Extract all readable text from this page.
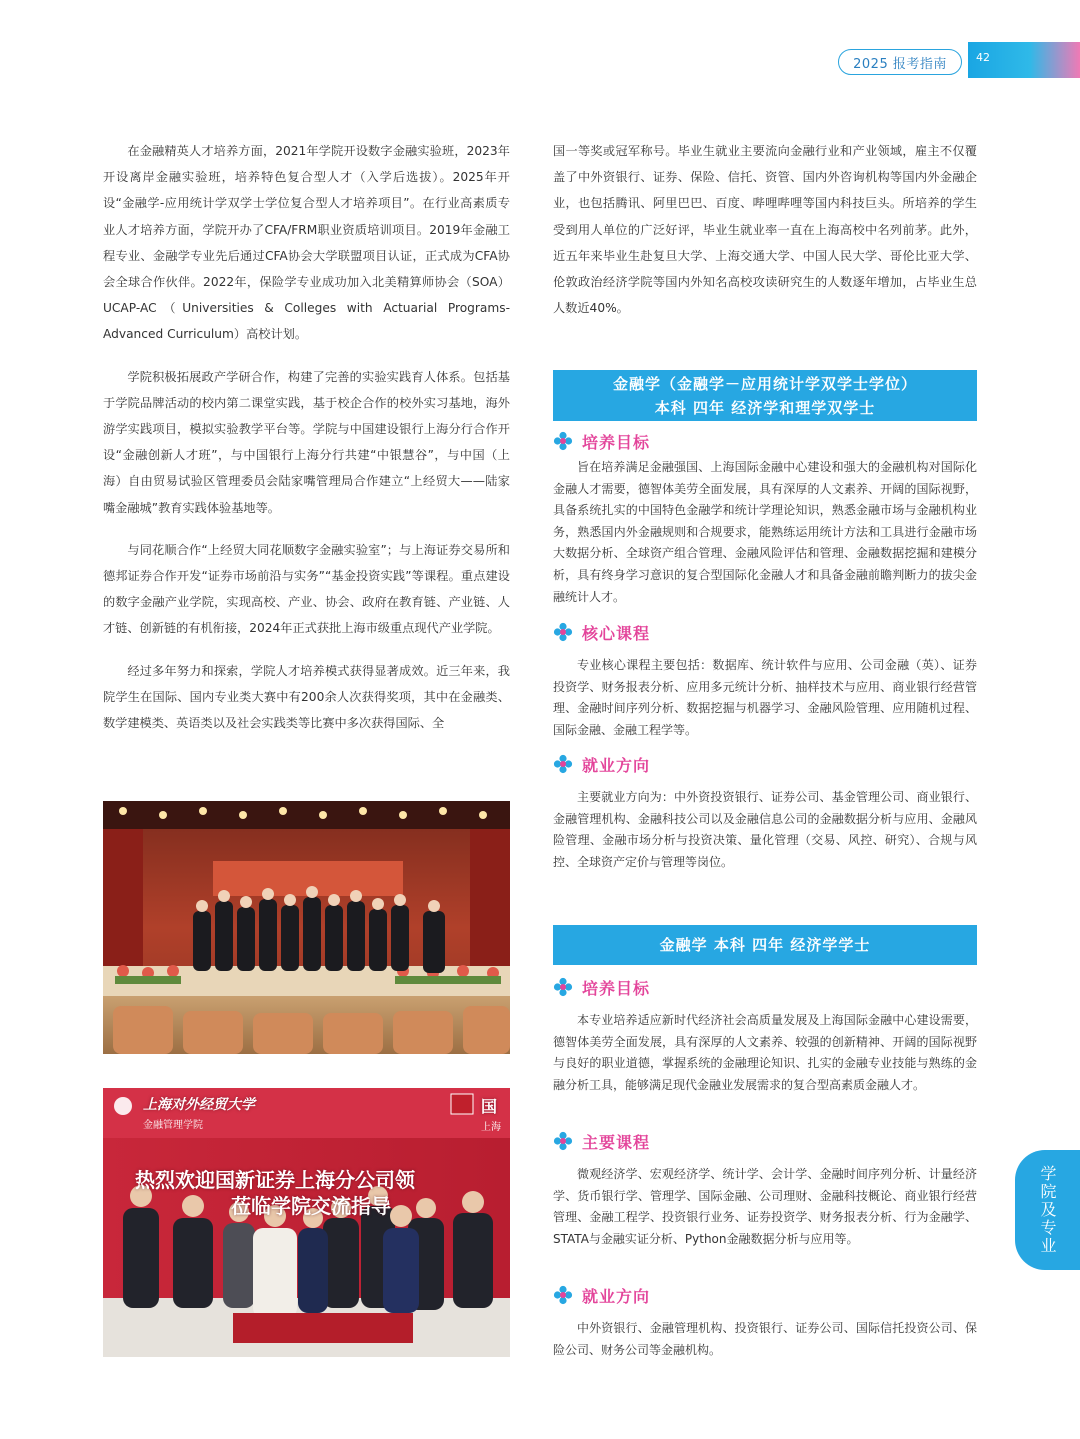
2025 报考指南	42
学院及专业

在金融精英人才培养方面，2021年学院开设数字金融实验班，2023年开设离岸金融实验班，培养特色复合型人才（入学后选拔）。2025年开设“金融学-应用统计学双学士学位复合型人才培养项目”。在行业高素质专业人才培养方面，学院开办了CFA/FRM职业资质培训项目。2019年金融工程专业、金融学专业先后通过CFA协会大学联盟项目认证，正式成为CFA协会全球合作伙伴。2022年，保险学专业成功加入北美精算师协会（SOA）UCAP-AC（Universities & Colleges with Actuarial Programs-Advanced Curriculum）高校计划。

学院积极拓展政产学研合作，构建了完善的实验实践育人体系。包括基于学院品牌活动的校内第二课堂实践，基于校企合作的校外实习基地，海外游学实践项目，模拟实验教学平台等。学院与中国建设银行上海分行合作开设“金融创新人才班”，与中国银行上海分行共建“中银慧谷”，与中国（上海）自由贸易试验区管理委员会陆家嘴管理局合作建立“上经贸大——陆家嘴金融城”教育实践体验基地等。

与同花顺合作“上经贸大同花顺数字金融实验室”；与上海证券交易所和德邦证券合作开发“证券市场前沿与实务”“基金投资实践”等课程。重点建设的数字金融产业学院，实现高校、产业、协会、政府在教育链、产业链、人才链、创新链的有机衔接，2024年正式获批上海市级重点现代产业学院。

经过多年努力和探索，学院人才培养模式获得显著成效。近三年来，我院学生在国际、国内专业类大赛中有200余人次获得奖项，其中在金融类、数学建模类、英语类以及社会实践类等比赛中多次获得国际、全

上海对外经贸大学
金融管理学院
国
上海
热烈欢迎国新证券上海分公司领
莅临学院交流指导

国一等奖或冠军称号。毕业生就业主要流向金融行业和产业领域，雇主不仅覆盖了中外资银行、证券、保险、信托、资管、国内外咨询机构等国内外金融企业，也包括腾讯、阿里巴巴、百度、哔哩哔哩等国内科技巨头。所培养的学生受到用人单位的广泛好评，毕业生就业率一直在上海高校中名列前茅。此外，近五年来毕业生赴复旦大学、上海交通大学、中国人民大学、哥伦比亚大学、伦敦政治经济学院等国内外知名高校攻读研究生的人数逐年增加，占毕业生总人数近40%。

金融学（金融学－应用统计学双学士学位）
本科 四年 经济学和理学双学士
培养目标

旨在培养满足金融强国、上海国际金融中心建设和强大的金融机构对国际化金融人才需要，德智体美劳全面发展，具有深厚的人文素养、开阔的国际视野，具备系统扎实的中国特色金融学和统计学理论知识，熟悉金融市场与金融机构业务，熟悉国内外金融规则和合规要求，能熟练运用统计方法和工具进行金融市场大数据分析、全球资产组合管理、金融风险评估和管理、金融数据挖掘和建模分析，具有终身学习意识的复合型国际化金融人才和具备金融前瞻判断力的拔尖金融统计人才。

核心课程

专业核心课程主要包括：数据库、统计软件与应用、公司金融（英）、证券投资学、财务报表分析、应用多元统计分析、抽样技术与应用、商业银行经营管理、金融时间序列分析、数据挖掘与机器学习、金融风险管理、应用随机过程、国际金融、金融工程学等。

就业方向

主要就业方向为：中外资投资银行、证券公司、基金管理公司、商业银行、金融管理机构、金融科技公司以及金融信息公司的金融数据分析与应用、金融风险管理、金融市场分析与投资决策、量化管理（交易、风控、研究）、合规与风控、全球资产定价与管理等岗位。

金融学 本科 四年 经济学学士
培养目标

本专业培养适应新时代经济社会高质量发展及上海国际金融中心建设需要，德智体美劳全面发展，具有深厚的人文素养、较强的创新精神、开阔的国际视野与良好的职业道德，掌握系统的金融理论知识、扎实的金融专业技能与熟练的金融分析工具，能够满足现代金融业发展需求的复合型高素质金融人才。

主要课程

微观经济学、宏观经济学、统计学、会计学、金融时间序列分析、计量经济学、货币银行学、管理学、国际金融、公司理财、金融科技概论、商业银行经营管理、金融工程学、投资银行业务、证券投资学、财务报表分析、行为金融学、STATA与金融实证分析、Python金融数据分析与应用等。

就业方向

中外资银行、金融管理机构、投资银行、证券公司、国际信托投资公司、保险公司、财务公司等金融机构。
